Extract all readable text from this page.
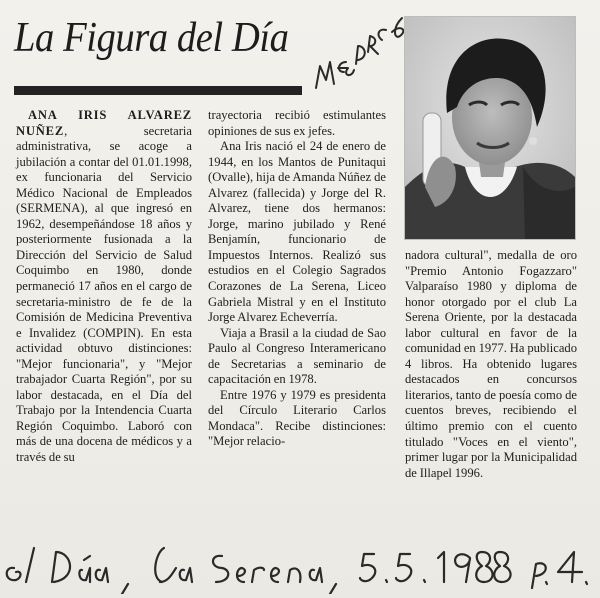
La Figura del Día

ANA IRIS ALVAREZ NUÑEZ, secretaria administrativa, se acoge a jubilación a contar del 01.01.1998, ex funcionaria del Servicio Médico Nacional de Empleados (SERMENA), al que ingresó en 1962, desempeñándose 18 años y posteriormente fusionada a la Dirección del Servicio de Salud Coquimbo en 1980, donde permaneció 17 años en el cargo de secretaria-ministro de fe de la Comisión de Medicina Preventiva e Invalidez (COMPIN). En esta actividad obtuvo distinciones: "Mejor funcionaria", y "Mejor trabajador Cuarta Región", por su labor destacada, en el Día del Trabajo por la Intendencia Cuarta Región Coquimbo. Laboró con más de una docena de médicos y a través de su

trayectoria recibió estimulantes opiniones de sus ex jefes.

Ana Iris nació el 24 de enero de 1944, en los Mantos de Punitaqui (Ovalle), hija de Amanda Núñez de Alvarez (fallecida) y Jorge del R. Alvarez, tiene dos hermanos: Jorge, marino jubilado y René Benjamín, funcionario de Impuestos Internos. Realizó sus estudios en el Colegio Sagrados Corazones de La Serena, Liceo Gabriela Mistral y en el Instituto Jorge Alvarez Echeverría.

Viaja a Brasil a la ciudad de Sao Paulo al Congreso Interamericano de Secretarias a seminario de capacitación en 1978.

Entre 1976 y 1979 es presidenta del Círculo Literario Carlos Mondaca". Recibe distinciones: "Mejor relacio-

nadora cultural", medalla de oro "Premio Antonio Fogazzaro" Valparaíso 1980 y diploma de honor otorgado por el club La Serena Oriente, por la destacada labor cultural en favor de la comunidad en 1977. Ha publicado 4 libros. Ha obtenido lugares destacados en concursos literarios, tanto de poesía como de cuentos breves, recibiendo el último premio con el cuento titulado "Voces en el viento", primer lugar por la Municipalidad de Illapel 1996.
